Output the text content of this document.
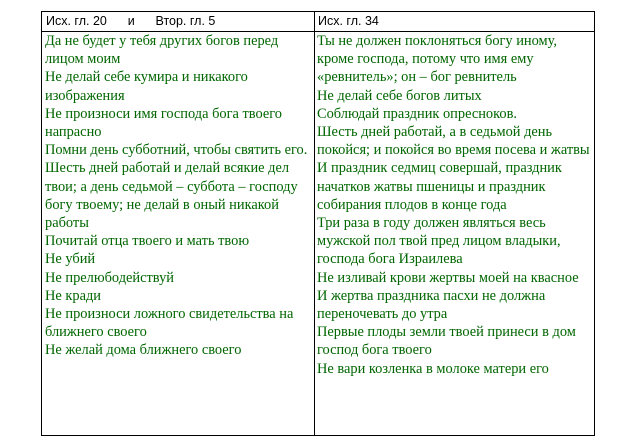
Исх. гл. 20      и      Втор. гл. 5	Исх. гл. 34

Да не будет у тебя других богов перед лицом моим

Не делай себе кумира и никакого изображения

Не произноси имя господа бога твоего напрасно

Помни день субботний, чтобы святить его. Шесть дней работай и делай всякие дел твои; а день седьмой – суббота – господу богу твоему; не делай в оный никакой работы

Почитай отца твоего и мать твою

Не убий

Не прелюбодействуй

Не кради

Не произноси ложного свидетельства на ближнего своего

Не желай дома ближнего своего

Ты не должен поклоняться богу иному, кроме господа, потому что имя ему «ревнитель»; он – бог ревнитель

Не делай себе богов литых

Соблюдай праздник опресноков.

Шесть дней работай, а в седьмой день покойся; и покойся во время посева и жатвы

И праздник седмиц совершай, праздник начатков жатвы пшеницы и праздник собирания плодов в конце года

Три раза в году должен являться весь мужской пол твой пред лицом владыки, господа бога Израилева

Не изливай крови жертвы моей на квасное

И жертва праздника пасхи не должна переночевать до утра

Первые плоды земли твоей принеси в дом господ бога твоего

Не вари козленка в молоке матери его
